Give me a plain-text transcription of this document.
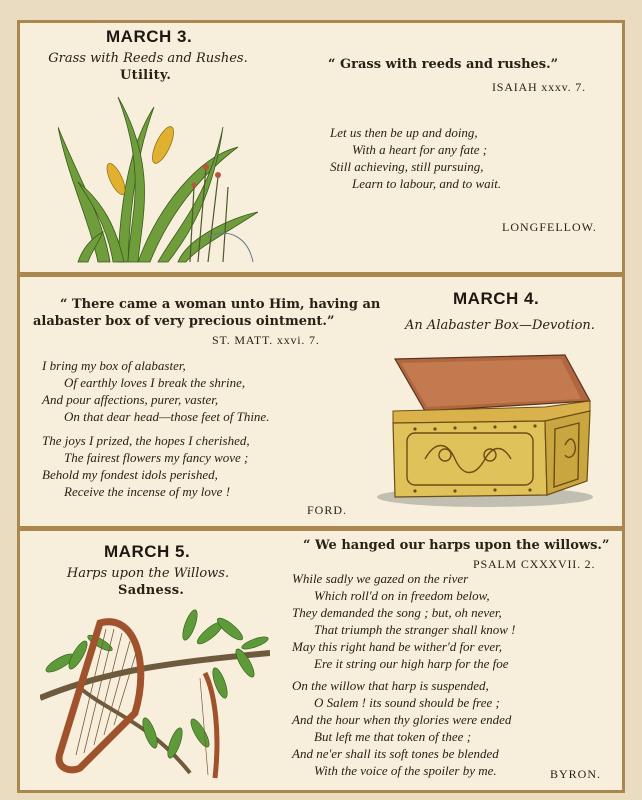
MARCH 3.
Grass with Reeds and Rushes.
Utility.
“ Grass with reeds and rushes.”
ISAIAH xxxv. 7.
Let us then be up and doing,
With a heart for any fate ;
Still achieving, still pursuing,
Learn to labour, and to wait.
LONGFELLOW.
“ There came a woman unto Him, having an
alabaster box of very precious ointment.”
ST. MATT. xxvi. 7.
I bring my box of alabaster,
Of earthly loves I break the shrine,
And pour affections, purer, vaster,
On that dear head—those feet of Thine.
The joys I prized, the hopes I cherished,
The fairest flowers my fancy wove ;
Behold my fondest idols perished,
Receive the incense of my love !
FORD.
MARCH 4.
An Alabaster Box—Devotion.
MARCH 5.
Harps upon the Willows.
Sadness.
“ We hanged our harps upon the willows.”
PSALM CXXXVII. 2.
While sadly we gazed on the river
Which roll'd on in freedom below,
They demanded the song ; but, oh never,
That triumph the stranger shall know !
May this right hand be wither'd for ever,
Ere it string our high harp for the foe
On the willow that harp is suspended,
O Salem ! its sound should be free ;
And the hour when thy glories were ended
But left me that token of thee ;
And ne'er shall its soft tones be blended
With the voice of the spoiler by me.	BYRON.
